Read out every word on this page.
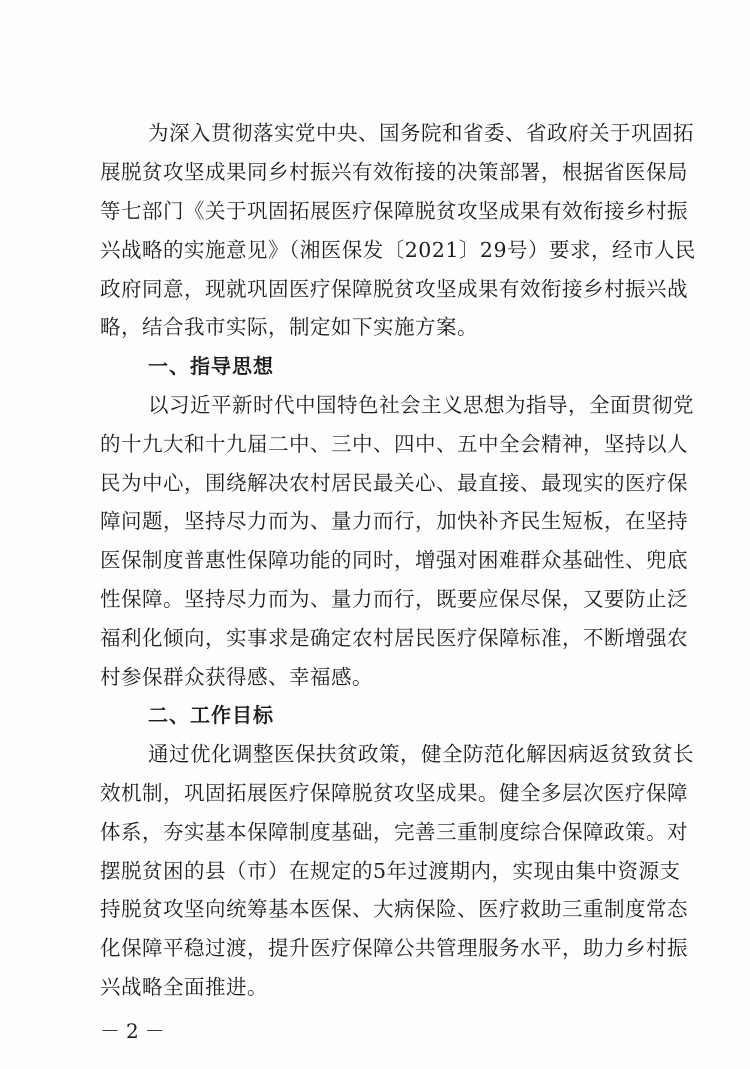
为深入贯彻落实党中央、国务院和省委、省政府关于巩固拓
展脱贫攻坚成果同乡村振兴有效衔接的决策部署，根据省医保局
等七部门《关于巩固拓展医疗保障脱贫攻坚成果有效衔接乡村振
兴战略的实施意见》（湘医保发〔2021〕29号）要求，经市人民
政府同意，现就巩固医疗保障脱贫攻坚成果有效衔接乡村振兴战
略，结合我市实际，制定如下实施方案。
一、指导思想
以习近平新时代中国特色社会主义思想为指导，全面贯彻党
的十九大和十九届二中、三中、四中、五中全会精神，坚持以人
民为中心，围绕解决农村居民最关心、最直接、最现实的医疗保
障问题，坚持尽力而为、量力而行，加快补齐民生短板，在坚持
医保制度普惠性保障功能的同时，增强对困难群众基础性、兜底
性保障。坚持尽力而为、量力而行，既要应保尽保，又要防止泛
福利化倾向，实事求是确定农村居民医疗保障标准，不断增强农
村参保群众获得感、幸福感。
二、工作目标
通过优化调整医保扶贫政策，健全防范化解因病返贫致贫长
效机制，巩固拓展医疗保障脱贫攻坚成果。健全多层次医疗保障
体系，夯实基本保障制度基础，完善三重制度综合保障政策。对
摆脱贫困的县（市）在规定的5年过渡期内，实现由集中资源支
持脱贫攻坚向统筹基本医保、大病保险、医疗救助三重制度常态
化保障平稳过渡，提升医疗保障公共管理服务水平，助力乡村振
兴战略全面推进。
－2－
